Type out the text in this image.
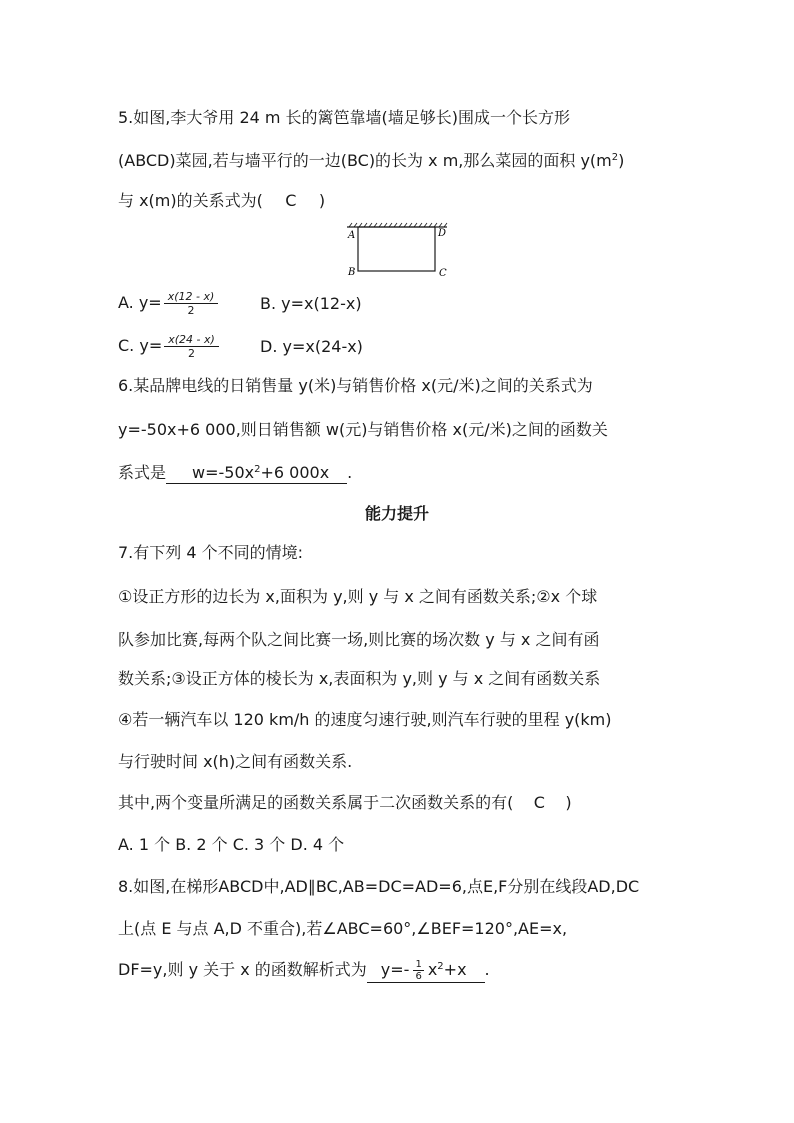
5.如图,李大爷用 24 m 长的篱笆靠墙(墙足够长)围成一个长方形
(ABCD)菜园,若与墙平行的一边(BC)的长为 x m,那么菜园的面积 $y(m^2)$
与 x(m)的关系式为( C )
A	D
B	C
A. $y= \frac{x(12 - x)}{2}$	B. y=x(12-x)
C. $y= \frac{x(24 - x)}{2}$	D. y=x(24-x)
6.某品牌电线的日销售量 y(米)与销售价格 x(元/米)之间的关系式为
y=-50x+6 000,则日销售额 w(元)与销售价格 x(元/米)之间的函数关
系式是 $w=-50x^2+6$ 000x .
能力提升
7.有下列 4 个不同的情境:
①设正方形的边长为 x,面积为 y,则 y 与 x 之间有函数关系;②x 个球
队参加比赛,每两个队之间比赛一场,则比赛的场次数 y 与 x 之间有函
数关系;③设正方体的棱长为 x,表面积为 y,则 y 与 x 之间有函数关系
④若一辆汽车以 120 km/h 的速度匀速行驶,则汽车行驶的里程 y(km)
与行驶时间 x(h)之间有函数关系.
其中,两个变量所满足的函数关系属于二次函数关系的有( C )
A. 1 个 B. 2 个 C. 3 个 D. 4 个
8.如图,在梯形ABCD中,AD∥BC,AB=DC=AD=6,点E,F分别在线段AD,DC
上(点 E 与点 A,D 不重合),若∠ABC=60°,∠BEF=120°,AE=x,
DF=y,则 y 关于 x 的函数解析式为 $y=- \frac{1}{6} x^2+x$ .
